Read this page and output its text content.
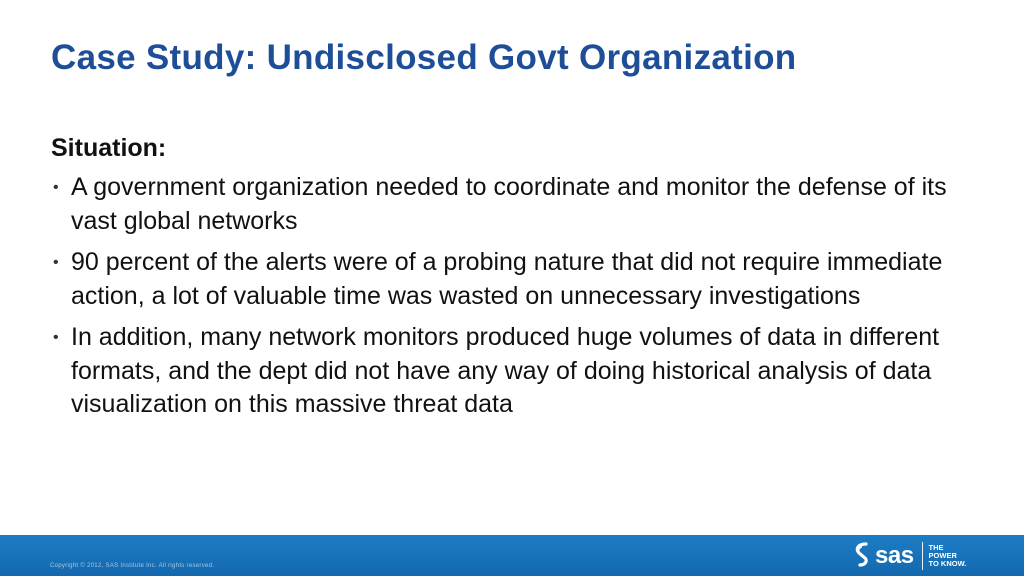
Case Study: Undisclosed Govt Organization
Situation:
• A government organization needed to coordinate and monitor the defense of its vast global networks
• 90 percent of the alerts were of a probing nature that did not require immediate action, a lot of valuable time was wasted on unnecessary investigations
• In addition, many network monitors produced huge volumes of data in different formats, and the dept did not have any way of doing historical analysis of data visualization on this massive threat data
Copyright © 2012, SAS Institute Inc. All rights reserved.	sas THE
POWER
TO KNOW.
